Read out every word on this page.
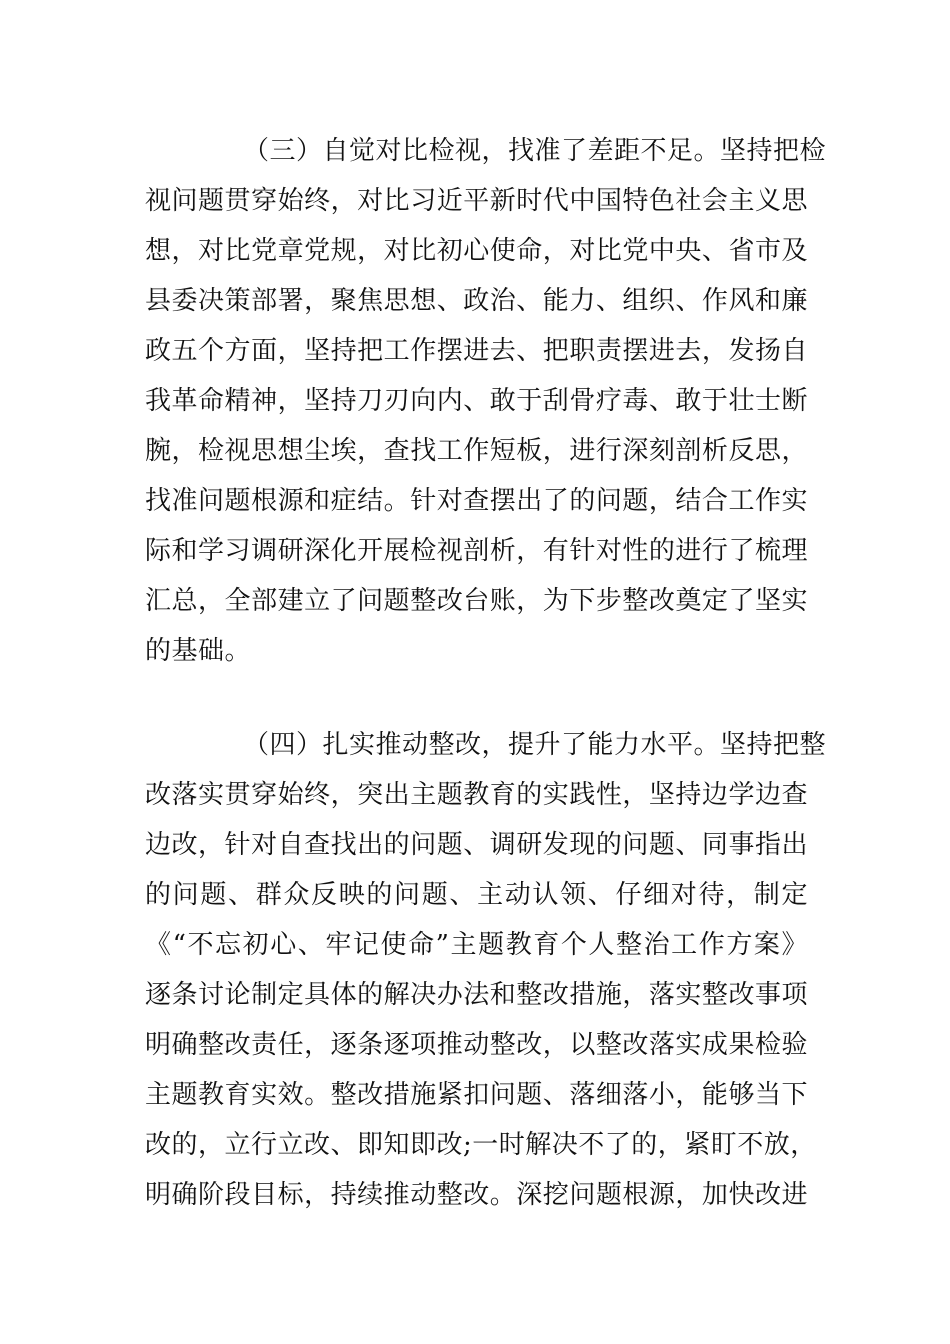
（三）自觉对比检视，找准了差距不足。坚持把检
视问题贯穿始终，对比习近平新时代中国特色社会主义思
想，对比党章党规，对比初心使命，对比党中央、省市及
县委决策部署，聚焦思想、政治、能力、组织、作风和廉
政五个方面，坚持把工作摆进去、把职责摆进去，发扬自
我革命精神，坚持刀刃向内、敢于刮骨疗毒、敢于壮士断
腕，检视思想尘埃，查找工作短板，进行深刻剖析反思，
找准问题根源和症结。针对查摆出了的问题，结合工作实
际和学习调研深化开展检视剖析，有针对性的进行了梳理
汇总，全部建立了问题整改台账，为下步整改奠定了坚实
的基础。
（四）扎实推动整改，提升了能力水平。坚持把整
改落实贯穿始终，突出主题教育的实践性，坚持边学边查
边改，针对自查找出的问题、调研发现的问题、同事指出
的问题、群众反映的问题、主动认领、仔细对待，制定
《“不忘初心、牢记使命”主题教育个人整治工作方案》
逐条讨论制定具体的解决办法和整改措施，落实整改事项
明确整改责任，逐条逐项推动整改，以整改落实成果检验
主题教育实效。整改措施紧扣问题、落细落小，能够当下
改的，立行立改、即知即改;一时解决不了的，紧盯不放，
明确阶段目标，持续推动整改。深挖问题根源，加快改进
